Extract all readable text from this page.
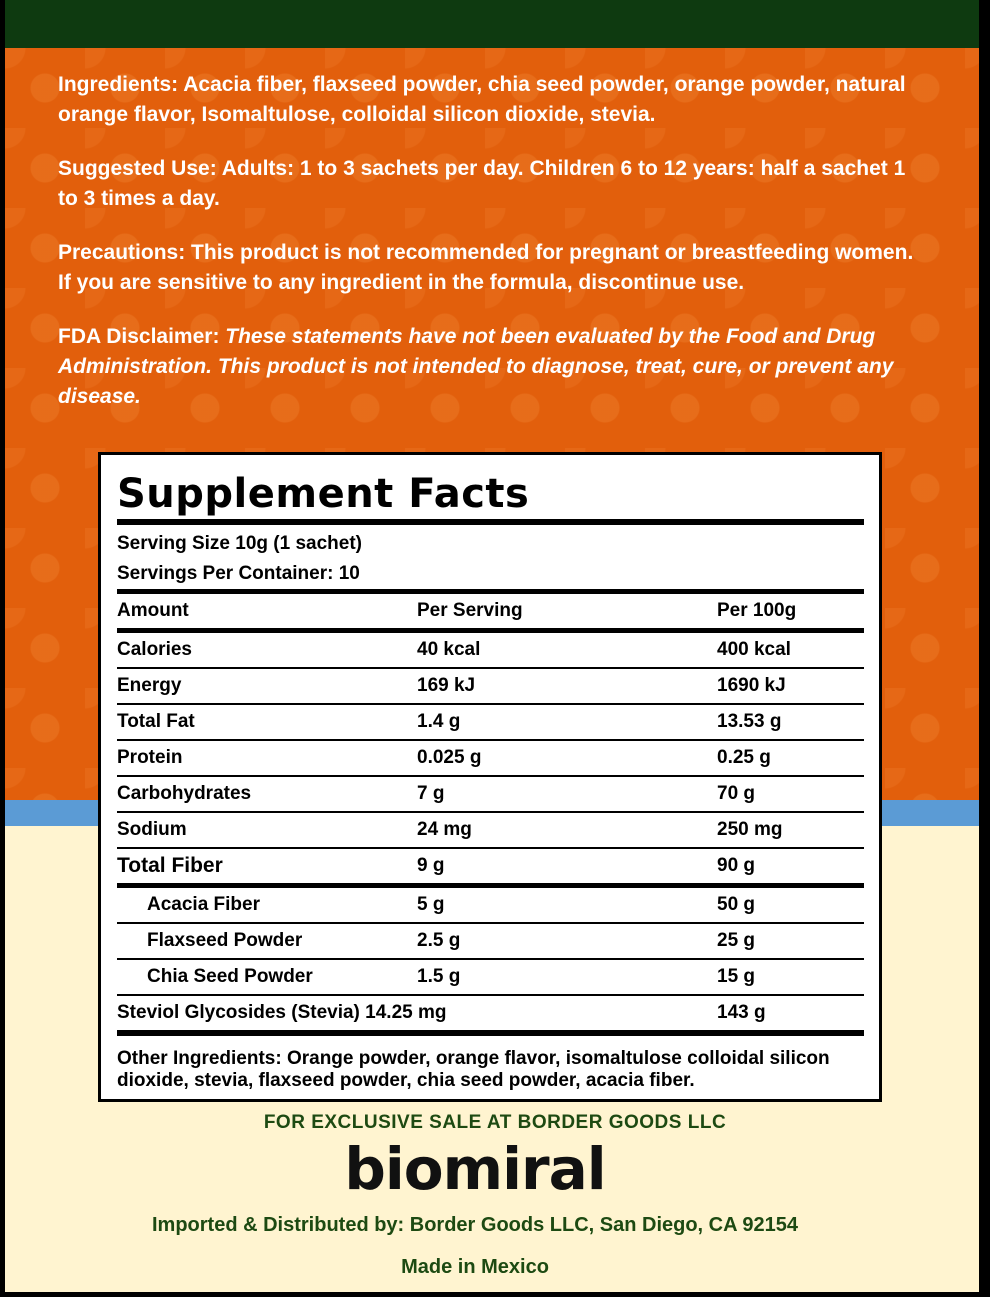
Ingredients: Acacia fiber, flaxseed powder, chia seed powder, orange powder, natural orange flavor, Isomaltulose, colloidal silicon dioxide, stevia.

Suggested Use: Adults: 1 to 3 sachets per day. Children 6 to 12 years: half a sachet 1 to 3 times a day.

Precautions: This product is not recommended for pregnant or breastfeeding women. If you are sensitive to any ingredient in the formula, discontinue use.

FDA Disclaimer: These statements have not been evaluated by the Food and Drug Administration. This product is not intended to diagnose, treat, cure, or prevent any disease.

Supplement Facts
Serving Size 10g (1 sachet)
Servings Per Container: 10
Amount	Per Serving	Per 100g
Calories	40 kcal	400 kcal
Energy	169 kJ	1690 kJ
Total Fat	1.4 g	13.53 g
Protein	0.025 g	0.25 g
Carbohydrates	7 g	70 g
Sodium	24 mg	250 mg
Total Fiber	9 g	90 g
Acacia Fiber	5 g	50 g
Flaxseed Powder	2.5 g	25 g
Chia Seed Powder	1.5 g	15 g
Steviol Glycosides (Stevia) 14.25 mg	143 g
Other Ingredients: Orange powder, orange flavor, isomaltulose colloidal silicon dioxide, stevia, flaxseed powder, chia seed powder, acacia fiber.
FOR EXCLUSIVE SALE AT BORDER GOODS LLC
biomiral
Imported & Distributed by: Border Goods LLC, San Diego, CA 92154
Made in Mexico
